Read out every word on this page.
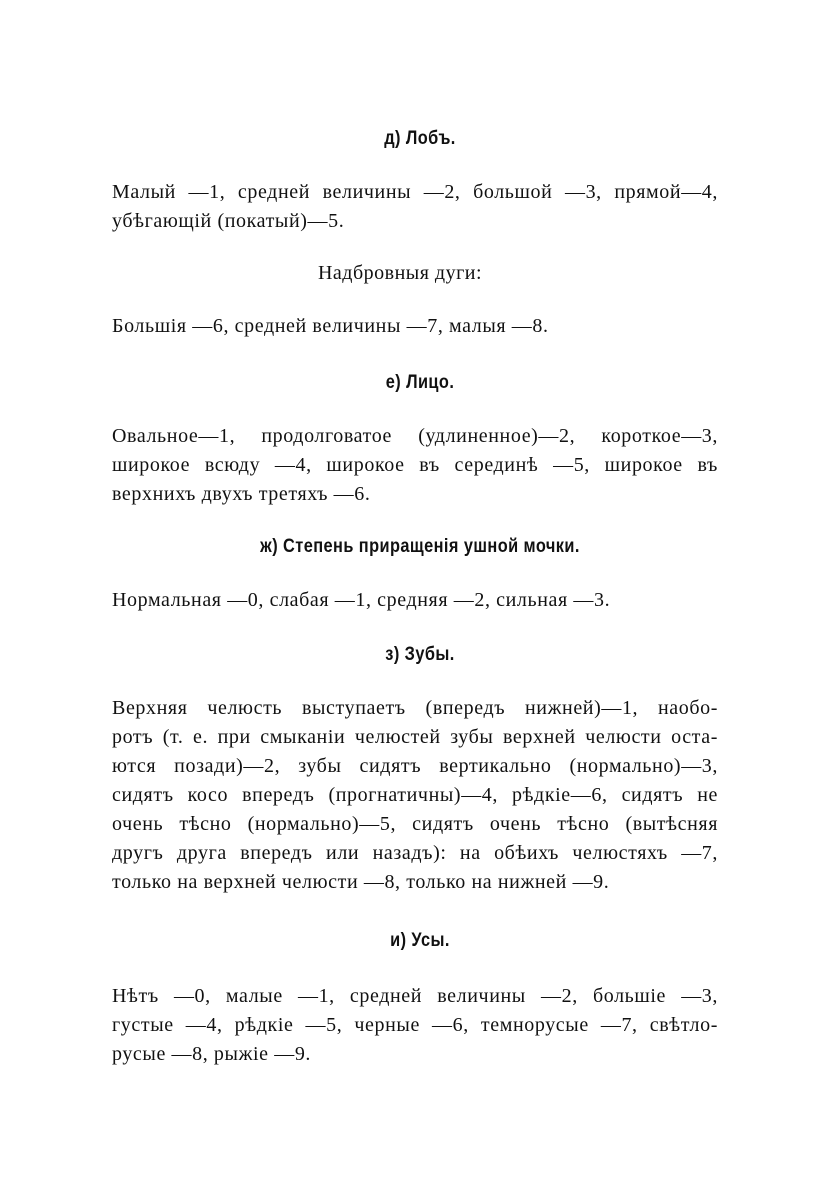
д) Лобъ.
Малый —1, средней величины —2, большой —3, прямой—4,
убѣгающій (покатый)—5.
Надбровныя дуги:
Большія —6, средней величины —7, малыя —8.
е) Лицо.
Овальное—1, продолговатое (удлиненное)—2, короткое—3,
широкое всюду —4, широкое въ серединѣ —5, широкое въ
верхнихъ двухъ третяхъ —6.
ж) Степень приращенія ушной мочки.
Нормальная —0, слабая —1, средняя —2, сильная —3.
з) Зубы.
Верхняя челюсть выступаетъ (впередъ нижней)—1, наобо-
ротъ (т. е. при смыканіи челюстей зубы верхней челюсти оста-
ются позади)—2, зубы сидятъ вертикально (нормально)—3,
сидятъ косо впередъ (прогнатичны)—4, рѣдкіе—6, сидятъ не
очень тѣсно (нормально)—5, сидятъ очень тѣсно (вытѣсняя
другъ друга впередъ или назадъ): на обѣихъ челюстяхъ —7,
только на верхней челюсти —8, только на нижней —9.
и) Усы.
Нѣтъ —0, малые —1, средней величины —2, большіе —3,
густые —4, рѣдкіе —5, черные —6, темнорусые —7, свѣтло-
русые —8, рыжіе —9.
